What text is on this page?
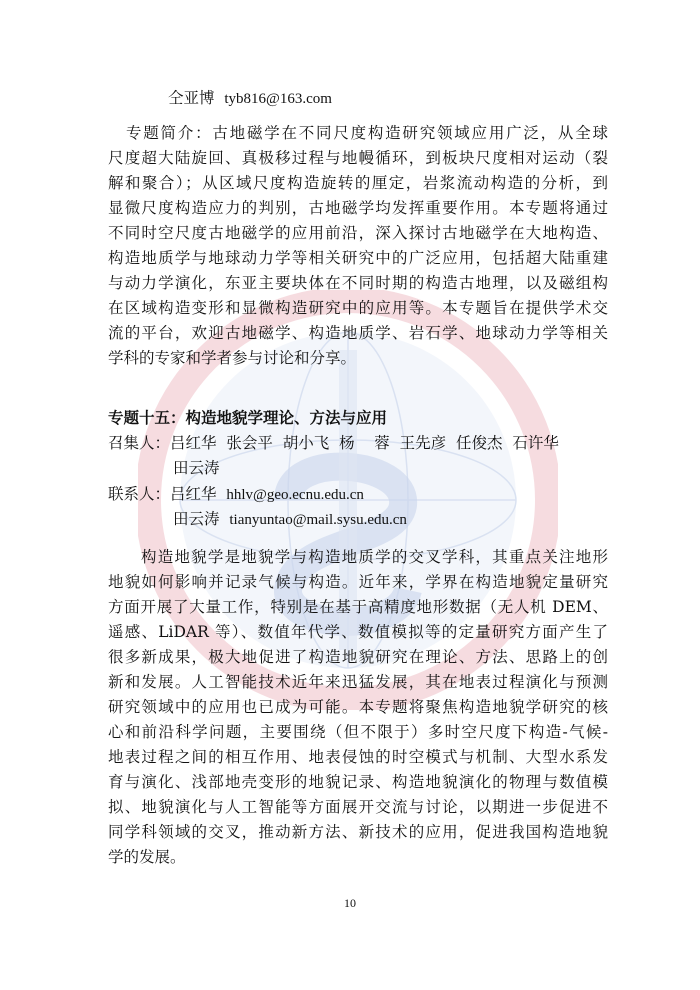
仝亚博 tyb816@163.com
专题简介：古地磁学在不同尺度构造研究领域应用广泛，从全球
尺度超大陆旋回、真极移过程与地幔循环，到板块尺度相对运动（裂
解和聚合）；从区域尺度构造旋转的厘定，岩浆流动构造的分析，到
显微尺度构造应力的判别，古地磁学均发挥重要作用。本专题将通过
不同时空尺度古地磁学的应用前沿，深入探讨古地磁学在大地构造、
构造地质学与地球动力学等相关研究中的广泛应用，包括超大陆重建
与动力学演化，东亚主要块体在不同时期的构造古地理，以及磁组构
在区域构造变形和显微构造研究中的应用等。本专题旨在提供学术交
流的平台，欢迎古地磁学、构造地质学、岩石学、地球动力学等相关
学科的专家和学者参与讨论和分享。
专题十五：构造地貌学理论、方法与应用
召集人：吕红华  张会平  胡小飞  杨    蓉  王先彦  任俊杰  石许华
田云涛
联系人：吕红华 hhlv@geo.ecnu.edu.cn
田云涛 tianyuntao@mail.sysu.edu.cn
构造地貌学是地貌学与构造地质学的交叉学科，其重点关注地形
地貌如何影响并记录气候与构造。近年来，学界在构造地貌定量研究
方面开展了大量工作，特别是在基于高精度地形数据（无人机 DEM、
遥感、LiDAR 等）、数值年代学、数值模拟等的定量研究方面产生了
很多新成果，极大地促进了构造地貌研究在理论、方法、思路上的创
新和发展。人工智能技术近年来迅猛发展，其在地表过程演化与预测
研究领域中的应用也已成为可能。本专题将聚焦构造地貌学研究的核
心和前沿科学问题，主要围绕（但不限于）多时空尺度下构造-气候-
地表过程之间的相互作用、地表侵蚀的时空模式与机制、大型水系发
育与演化、浅部地壳变形的地貌记录、构造地貌演化的物理与数值模
拟、地貌演化与人工智能等方面展开交流与讨论，以期进一步促进不
同学科领域的交叉，推动新方法、新技术的应用，促进我国构造地貌
学的发展。
10
